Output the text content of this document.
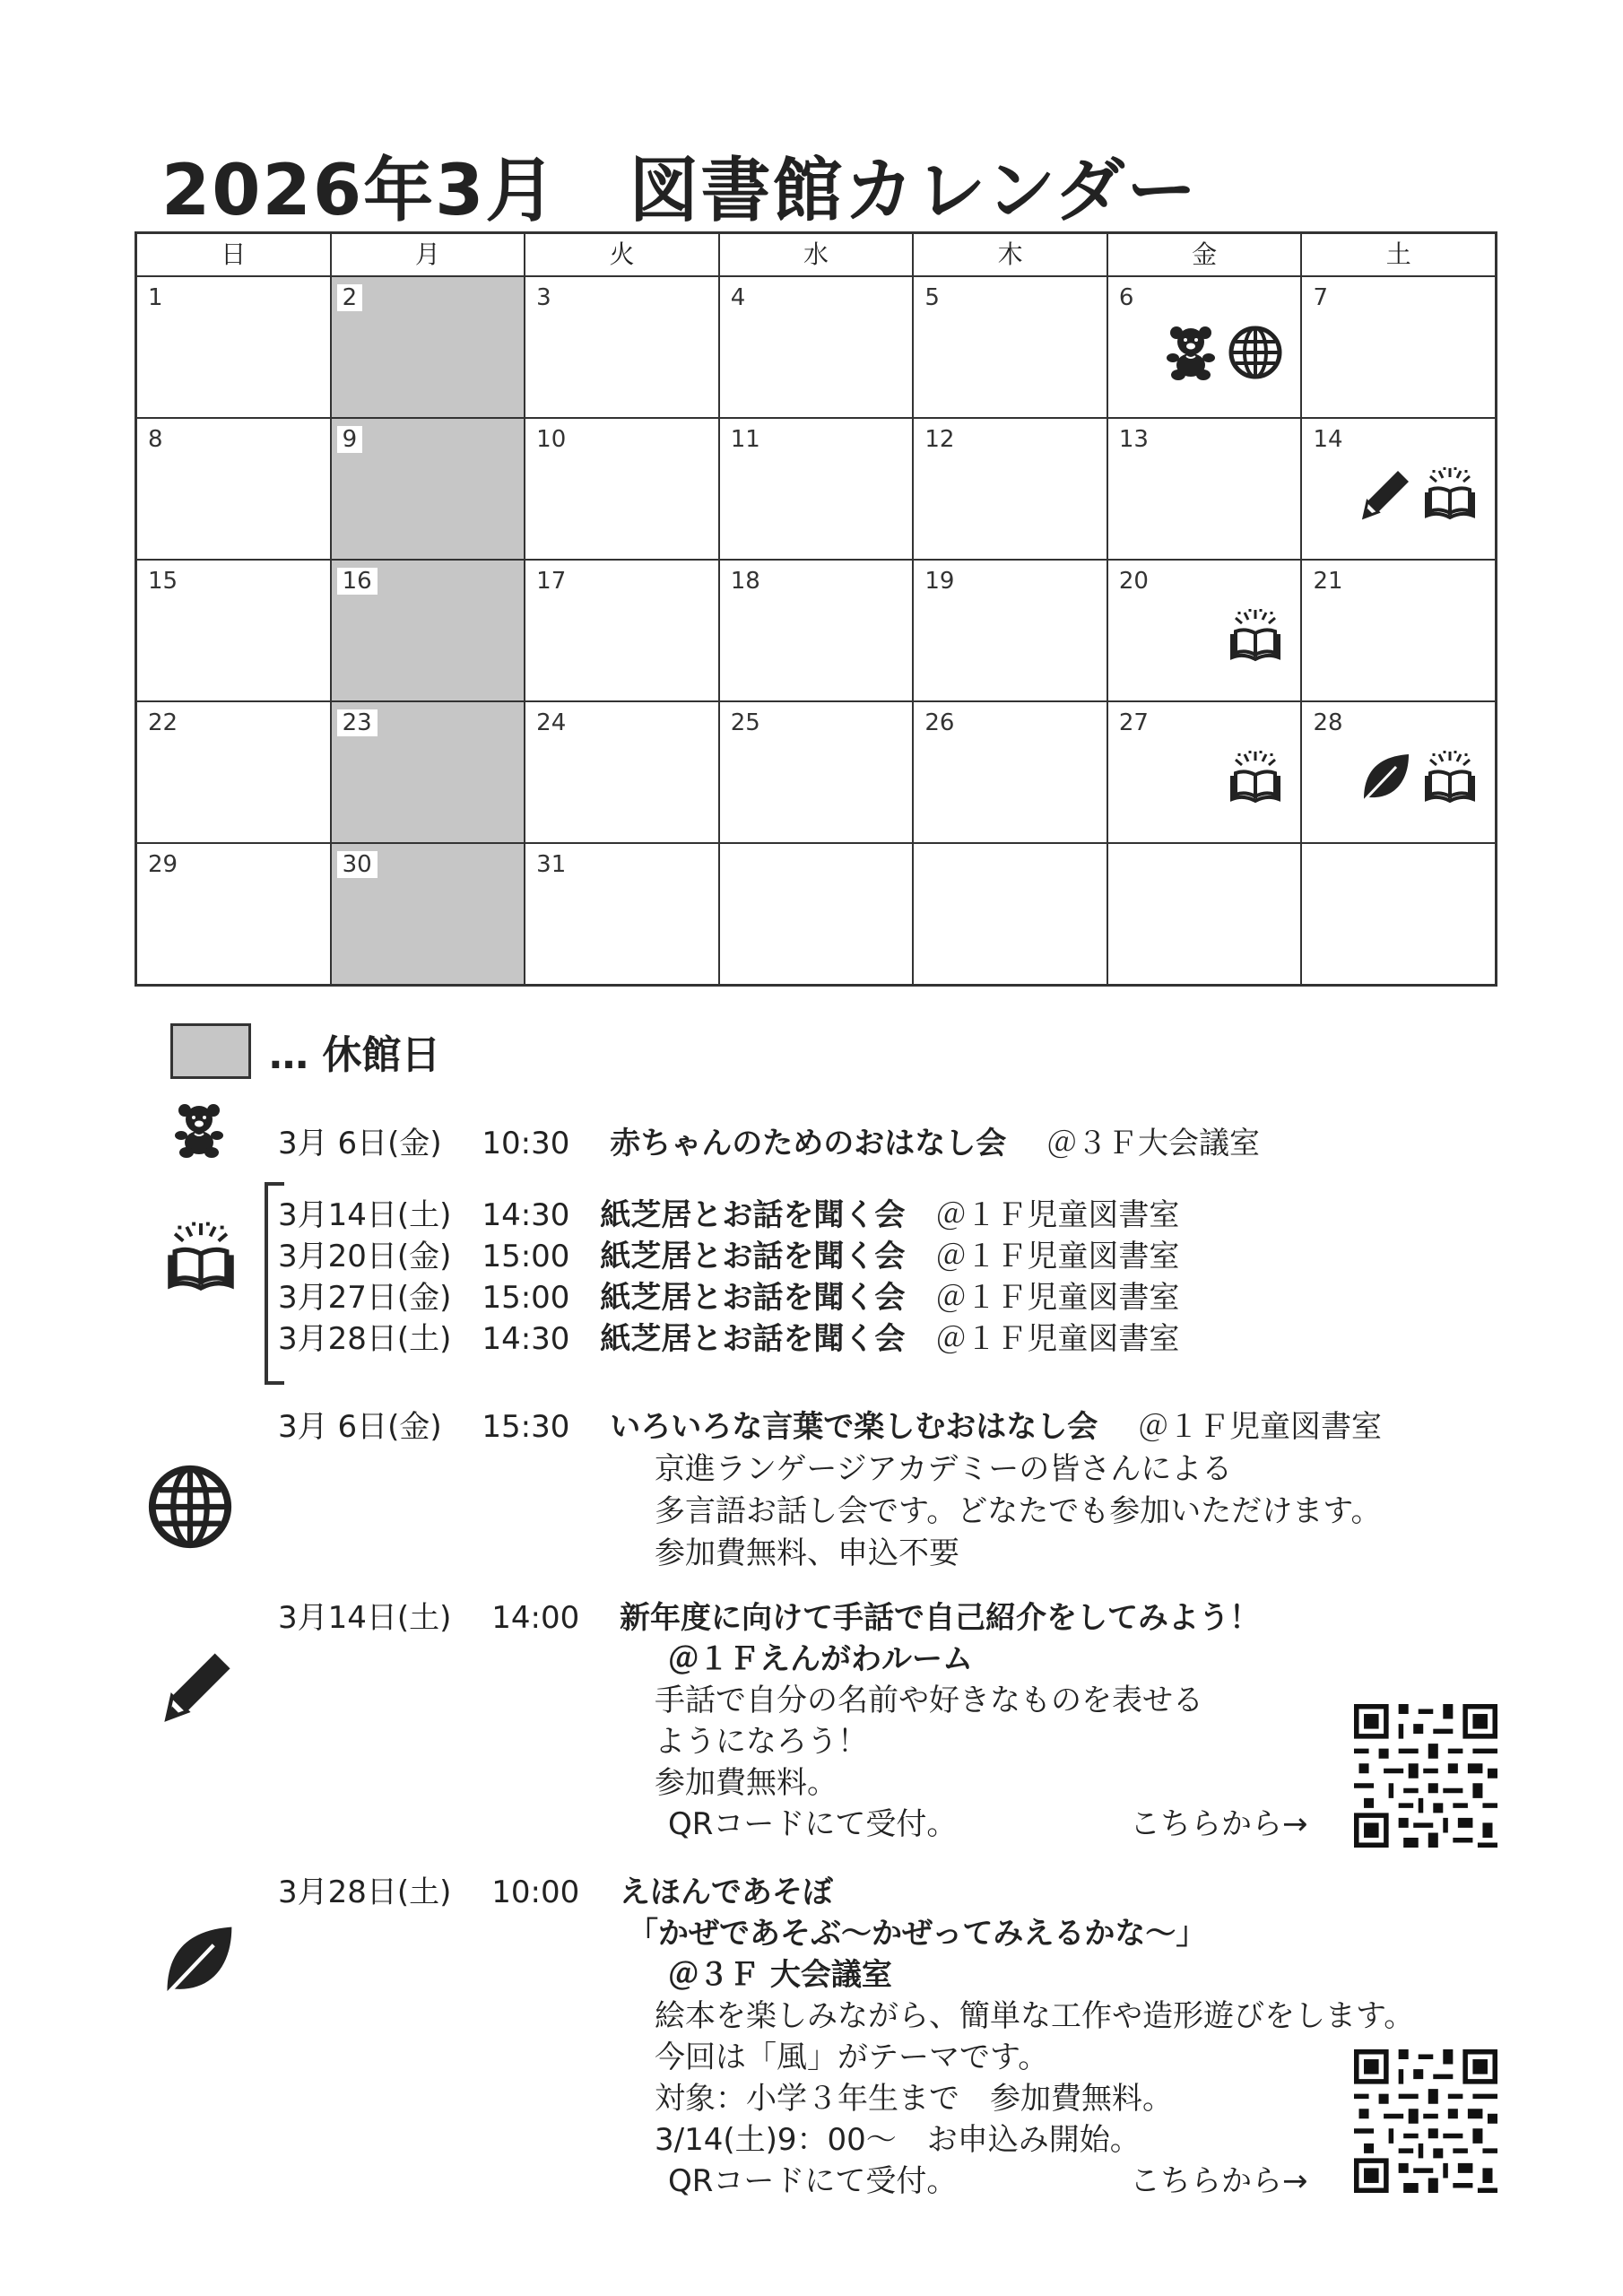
2026年3月　図書館カレンダー
日	月	火	水	木	金	土
1	2	3	4	5	6	7
8	9	10	11	12	13	14
15	16	17	18	19	20	21
22	23	24	25	26	27	28
29	30	31
… 休館日
3月 6日(金)　 10:30　 赤ちゃんのためのおはなし会　 ＠３Ｆ大会議室
3月14日(土)　 14:30　 紙芝居とお話を聞く会　 ＠１Ｆ児童図書室
3月20日(金)　 15:00　 紙芝居とお話を聞く会　 ＠１Ｆ児童図書室
3月27日(金)　 15:00　 紙芝居とお話を聞く会　 ＠１Ｆ児童図書室
3月28日(土)　 14:30　 紙芝居とお話を聞く会　 ＠１Ｆ児童図書室
3月 6日(金)　 15:30　 いろいろな言葉で楽しむおはなし会　 ＠１Ｆ児童図書室
京進ランゲージアカデミーの皆さんによる
多言語お話し会です。どなたでも参加いただけます。
参加費無料、申込不要
3月14日(土)　 14:00　 新年度に向けて手話で自己紹介をしてみよう！
＠１Ｆえんがわルーム
手話で自分の名前や好きなものを表せる
ようになろう！
参加費無料。
QRコードにて受付。	こちらから→
3月28日(土)　 10:00　 えほんであそぼ
「かぜであそぶ～かぜってみえるかな～」
＠３Ｆ 大会議室
絵本を楽しみながら、簡単な工作や造形遊びをします。
今回は「風」がテーマです。
対象：小学３年生まで　参加費無料。
3/14(土)9：00～　お申込み開始。
QRコードにて受付。	こちらから→
